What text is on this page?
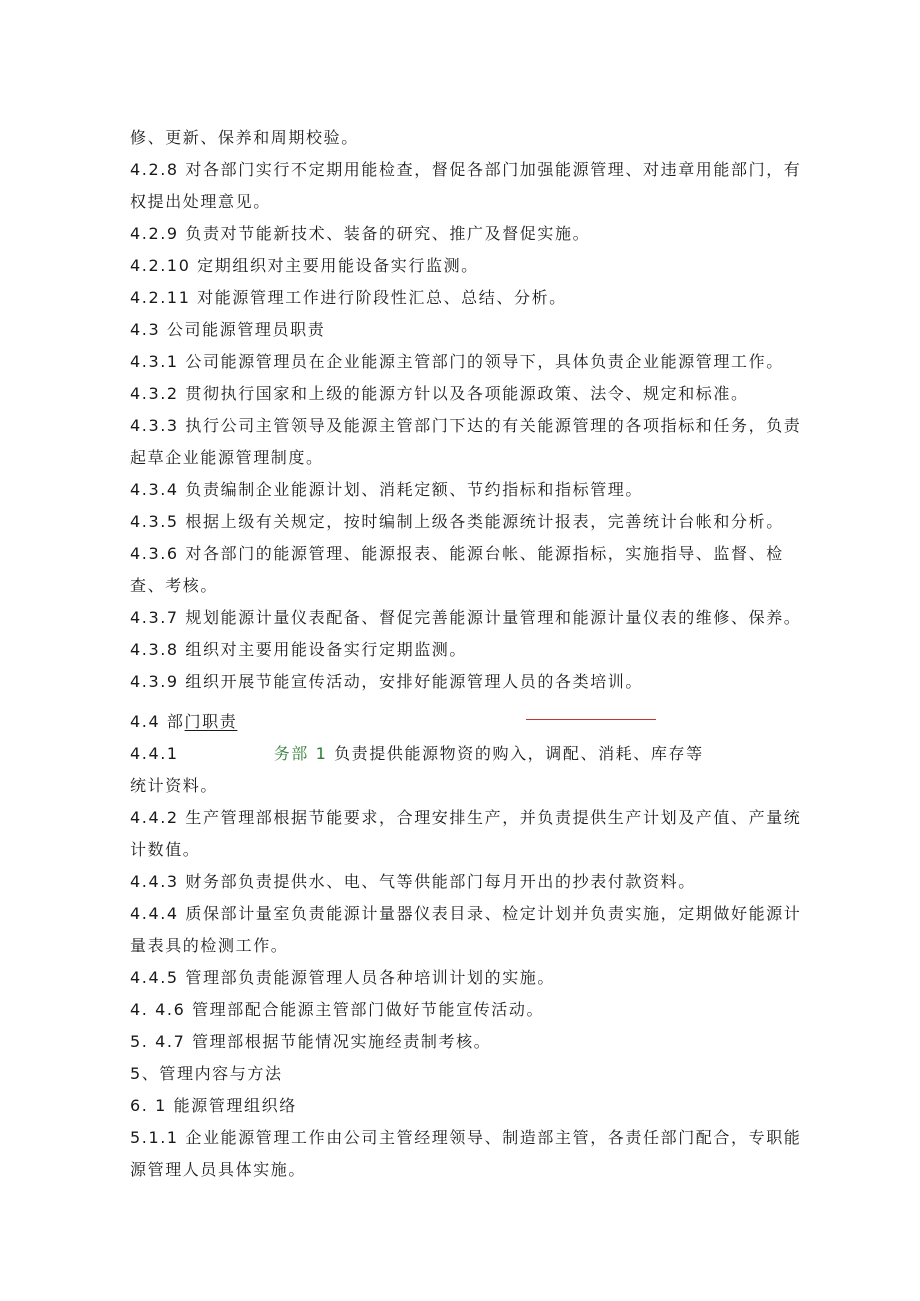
修、更新、保养和周期校验。
4.2.8 对各部门实行不定期用能检查，督促各部门加强能源管理、对违章用能部门，有
权提出处理意见。
4.2.9 负责对节能新技术、装备的研究、推广及督促实施。
4.2.10 定期组织对主要用能设备实行监测。
4.2.11 对能源管理工作进行阶段性汇总、总结、分析。
4.3 公司能源管理员职责
4.3.1 公司能源管理员在企业能源主管部门的领导下，具体负责企业能源管理工作。
4.3.2 贯彻执行国家和上级的能源方针以及各项能源政策、法令、规定和标准。
4.3.3 执行公司主管领导及能源主管部门下达的有关能源管理的各项指标和任务，负责
起草企业能源管理制度。
4.3.4 负责编制企业能源计划、消耗定额、节约指标和指标管理。
4.3.5 根据上级有关规定，按时编制上级各类能源统计报表，完善统计台帐和分析。
4.3.6 对各部门的能源管理、能源报表、能源台帐、能源指标，实施指导、监督、检
查、考核。
4.3.7 规划能源计量仪表配备、督促完善能源计量管理和能源计量仪表的维修、保养。
4.3.8 组织对主要用能设备实行定期监测。
4.3.9 组织开展节能宣传活动，安排好能源管理人员的各类培训。
4.4 部门职责
4.4.1	务部 1 负责提供能源物资的购入，调配、消耗、库存等
统计资料。
4.4.2 生产管理部根据节能要求，合理安排生产，并负责提供生产计划及产值、产量统
计数值。
4.4.3 财务部负责提供水、电、气等供能部门每月开出的抄表付款资料。
4.4.4 质保部计量室负责能源计量器仪表目录、检定计划并负责实施，定期做好能源计
量表具的检测工作。
4.4.5 管理部负责能源管理人员各种培训计划的实施。
4. 4.6 管理部配合能源主管部门做好节能宣传活动。
5. 4.7 管理部根据节能情况实施经责制考核。
5、管理内容与方法
6. 1 能源管理组织络
5.1.1 企业能源管理工作由公司主管经理领导、制造部主管，各责任部门配合，专职能
源管理人员具体实施。
